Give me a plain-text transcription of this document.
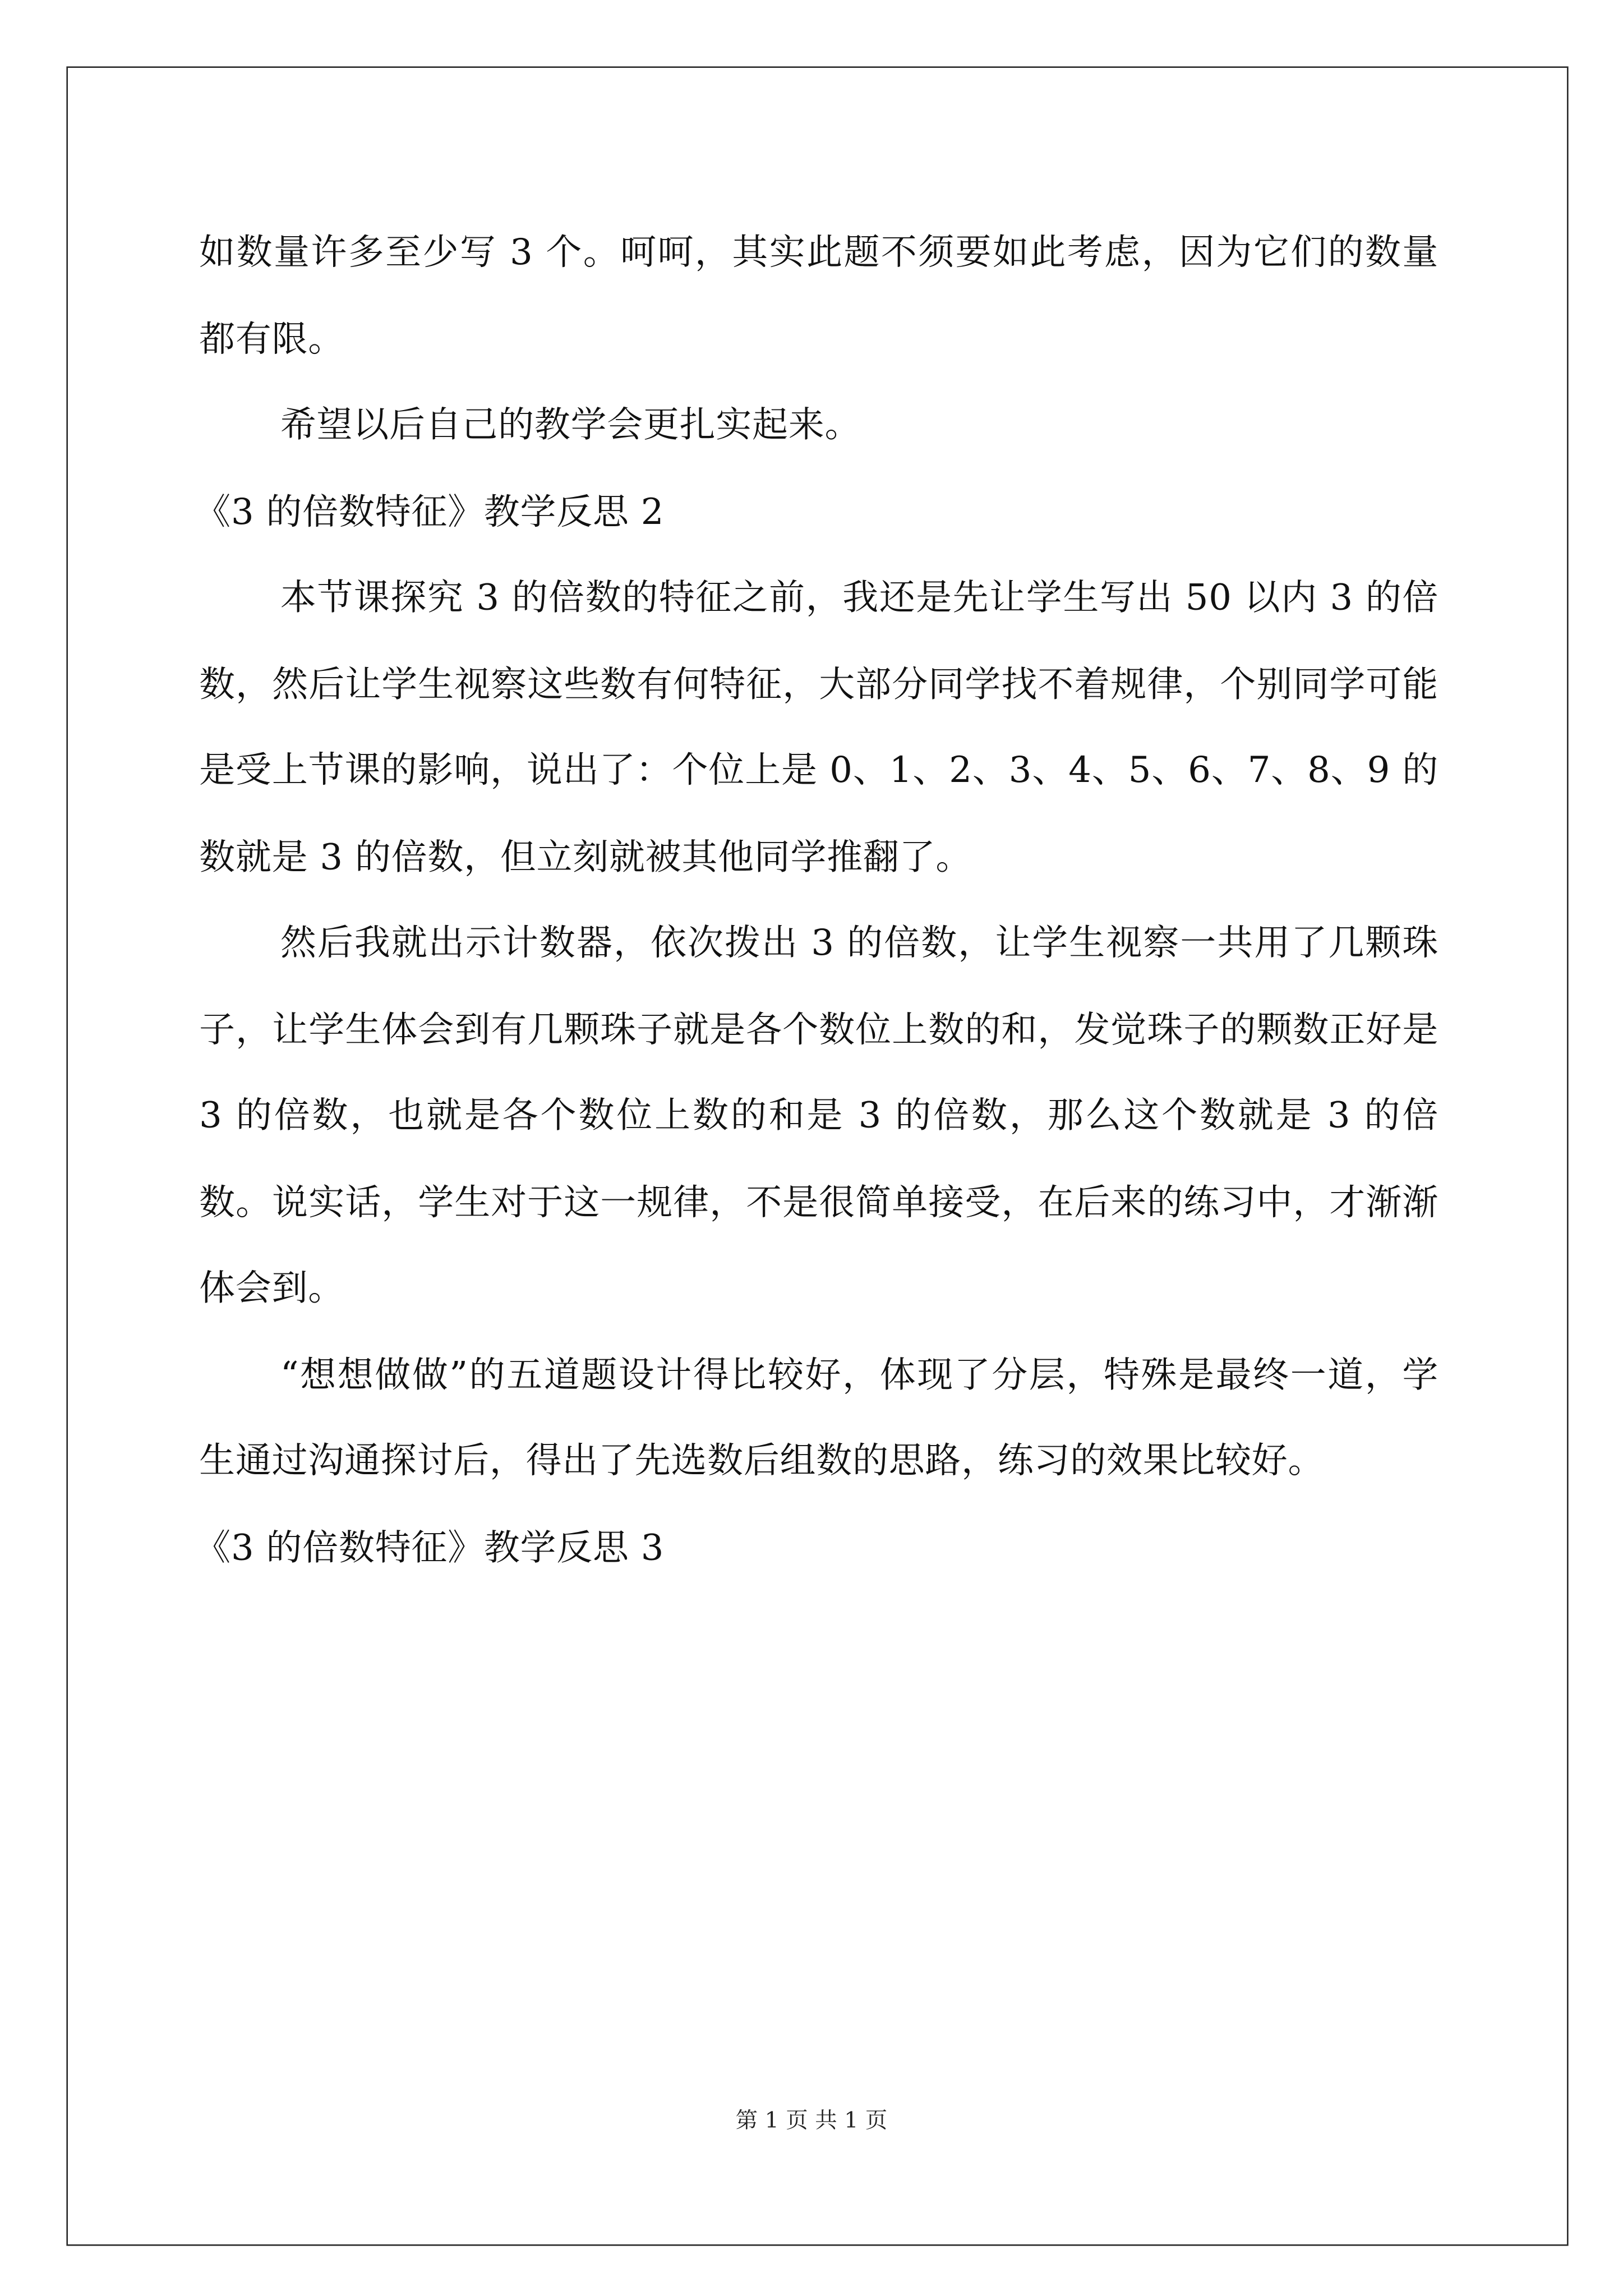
如数量许多至少写 3 个。呵呵，其实此题不须要如此考虑，因为它们的数量都有限。

希望以后自己的教学会更扎实起来。

《3 的倍数特征》教学反思 2

本节课探究 3 的倍数的特征之前，我还是先让学生写出 50 以内 3 的倍数，然后让学生视察这些数有何特征，大部分同学找不着规律，个别同学可能是受上节课的影响，说出了：个位上是 0、1、2、3、4、5、6、7、8、9 的数就是 3 的倍数，但立刻就被其他同学推翻了。

然后我就出示计数器，依次拨出 3 的倍数，让学生视察一共用了几颗珠子，让学生体会到有几颗珠子就是各个数位上数的和，发觉珠子的颗数正好是 3 的倍数，也就是各个数位上数的和是 3 的倍数，那么这个数就是 3 的倍数。说实话，学生对于这一规律，不是很简单接受，在后来的练习中，才渐渐体会到。

“想想做做”的五道题设计得比较好，体现了分层，特殊是最终一道，学生通过沟通探讨后，得出了先选数后组数的思路，练习的效果比较好。

《3 的倍数特征》教学反思 3

第 1 页 共 1 页
